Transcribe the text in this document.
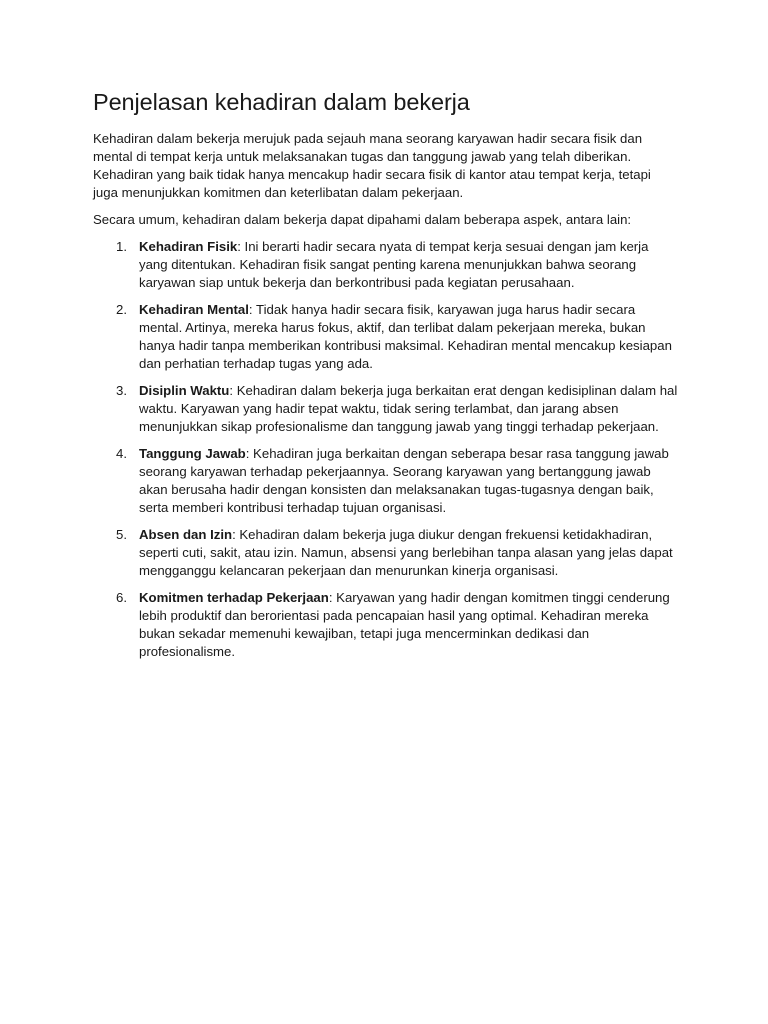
Penjelasan kehadiran dalam bekerja

Kehadiran dalam bekerja merujuk pada sejauh mana seorang karyawan hadir secara fisik dan mental di tempat kerja untuk melaksanakan tugas dan tanggung jawab yang telah diberikan. Kehadiran yang baik tidak hanya mencakup hadir secara fisik di kantor atau tempat kerja, tetapi juga menunjukkan komitmen dan keterlibatan dalam pekerjaan.

Secara umum, kehadiran dalam bekerja dapat dipahami dalam beberapa aspek, antara lain:

1. Kehadiran Fisik: Ini berarti hadir secara nyata di tempat kerja sesuai dengan jam kerja yang ditentukan. Kehadiran fisik sangat penting karena menunjukkan bahwa seorang karyawan siap untuk bekerja dan berkontribusi pada kegiatan perusahaan.
2. Kehadiran Mental: Tidak hanya hadir secara fisik, karyawan juga harus hadir secara mental. Artinya, mereka harus fokus, aktif, dan terlibat dalam pekerjaan mereka, bukan hanya hadir tanpa memberikan kontribusi maksimal. Kehadiran mental mencakup kesiapan dan perhatian terhadap tugas yang ada.
3. Disiplin Waktu: Kehadiran dalam bekerja juga berkaitan erat dengan kedisiplinan dalam hal waktu. Karyawan yang hadir tepat waktu, tidak sering terlambat, dan jarang absen menunjukkan sikap profesionalisme dan tanggung jawab yang tinggi terhadap pekerjaan.
4. Tanggung Jawab: Kehadiran juga berkaitan dengan seberapa besar rasa tanggung jawab seorang karyawan terhadap pekerjaannya. Seorang karyawan yang bertanggung jawab akan berusaha hadir dengan konsisten dan melaksanakan tugas-tugasnya dengan baik, serta memberi kontribusi terhadap tujuan organisasi.
5. Absen dan Izin: Kehadiran dalam bekerja juga diukur dengan frekuensi ketidakhadiran, seperti cuti, sakit, atau izin. Namun, absensi yang berlebihan tanpa alasan yang jelas dapat mengganggu kelancaran pekerjaan dan menurunkan kinerja organisasi.
6. Komitmen terhadap Pekerjaan: Karyawan yang hadir dengan komitmen tinggi cenderung lebih produktif dan berorientasi pada pencapaian hasil yang optimal. Kehadiran mereka bukan sekadar memenuhi kewajiban, tetapi juga mencerminkan dedikasi dan profesionalisme.
